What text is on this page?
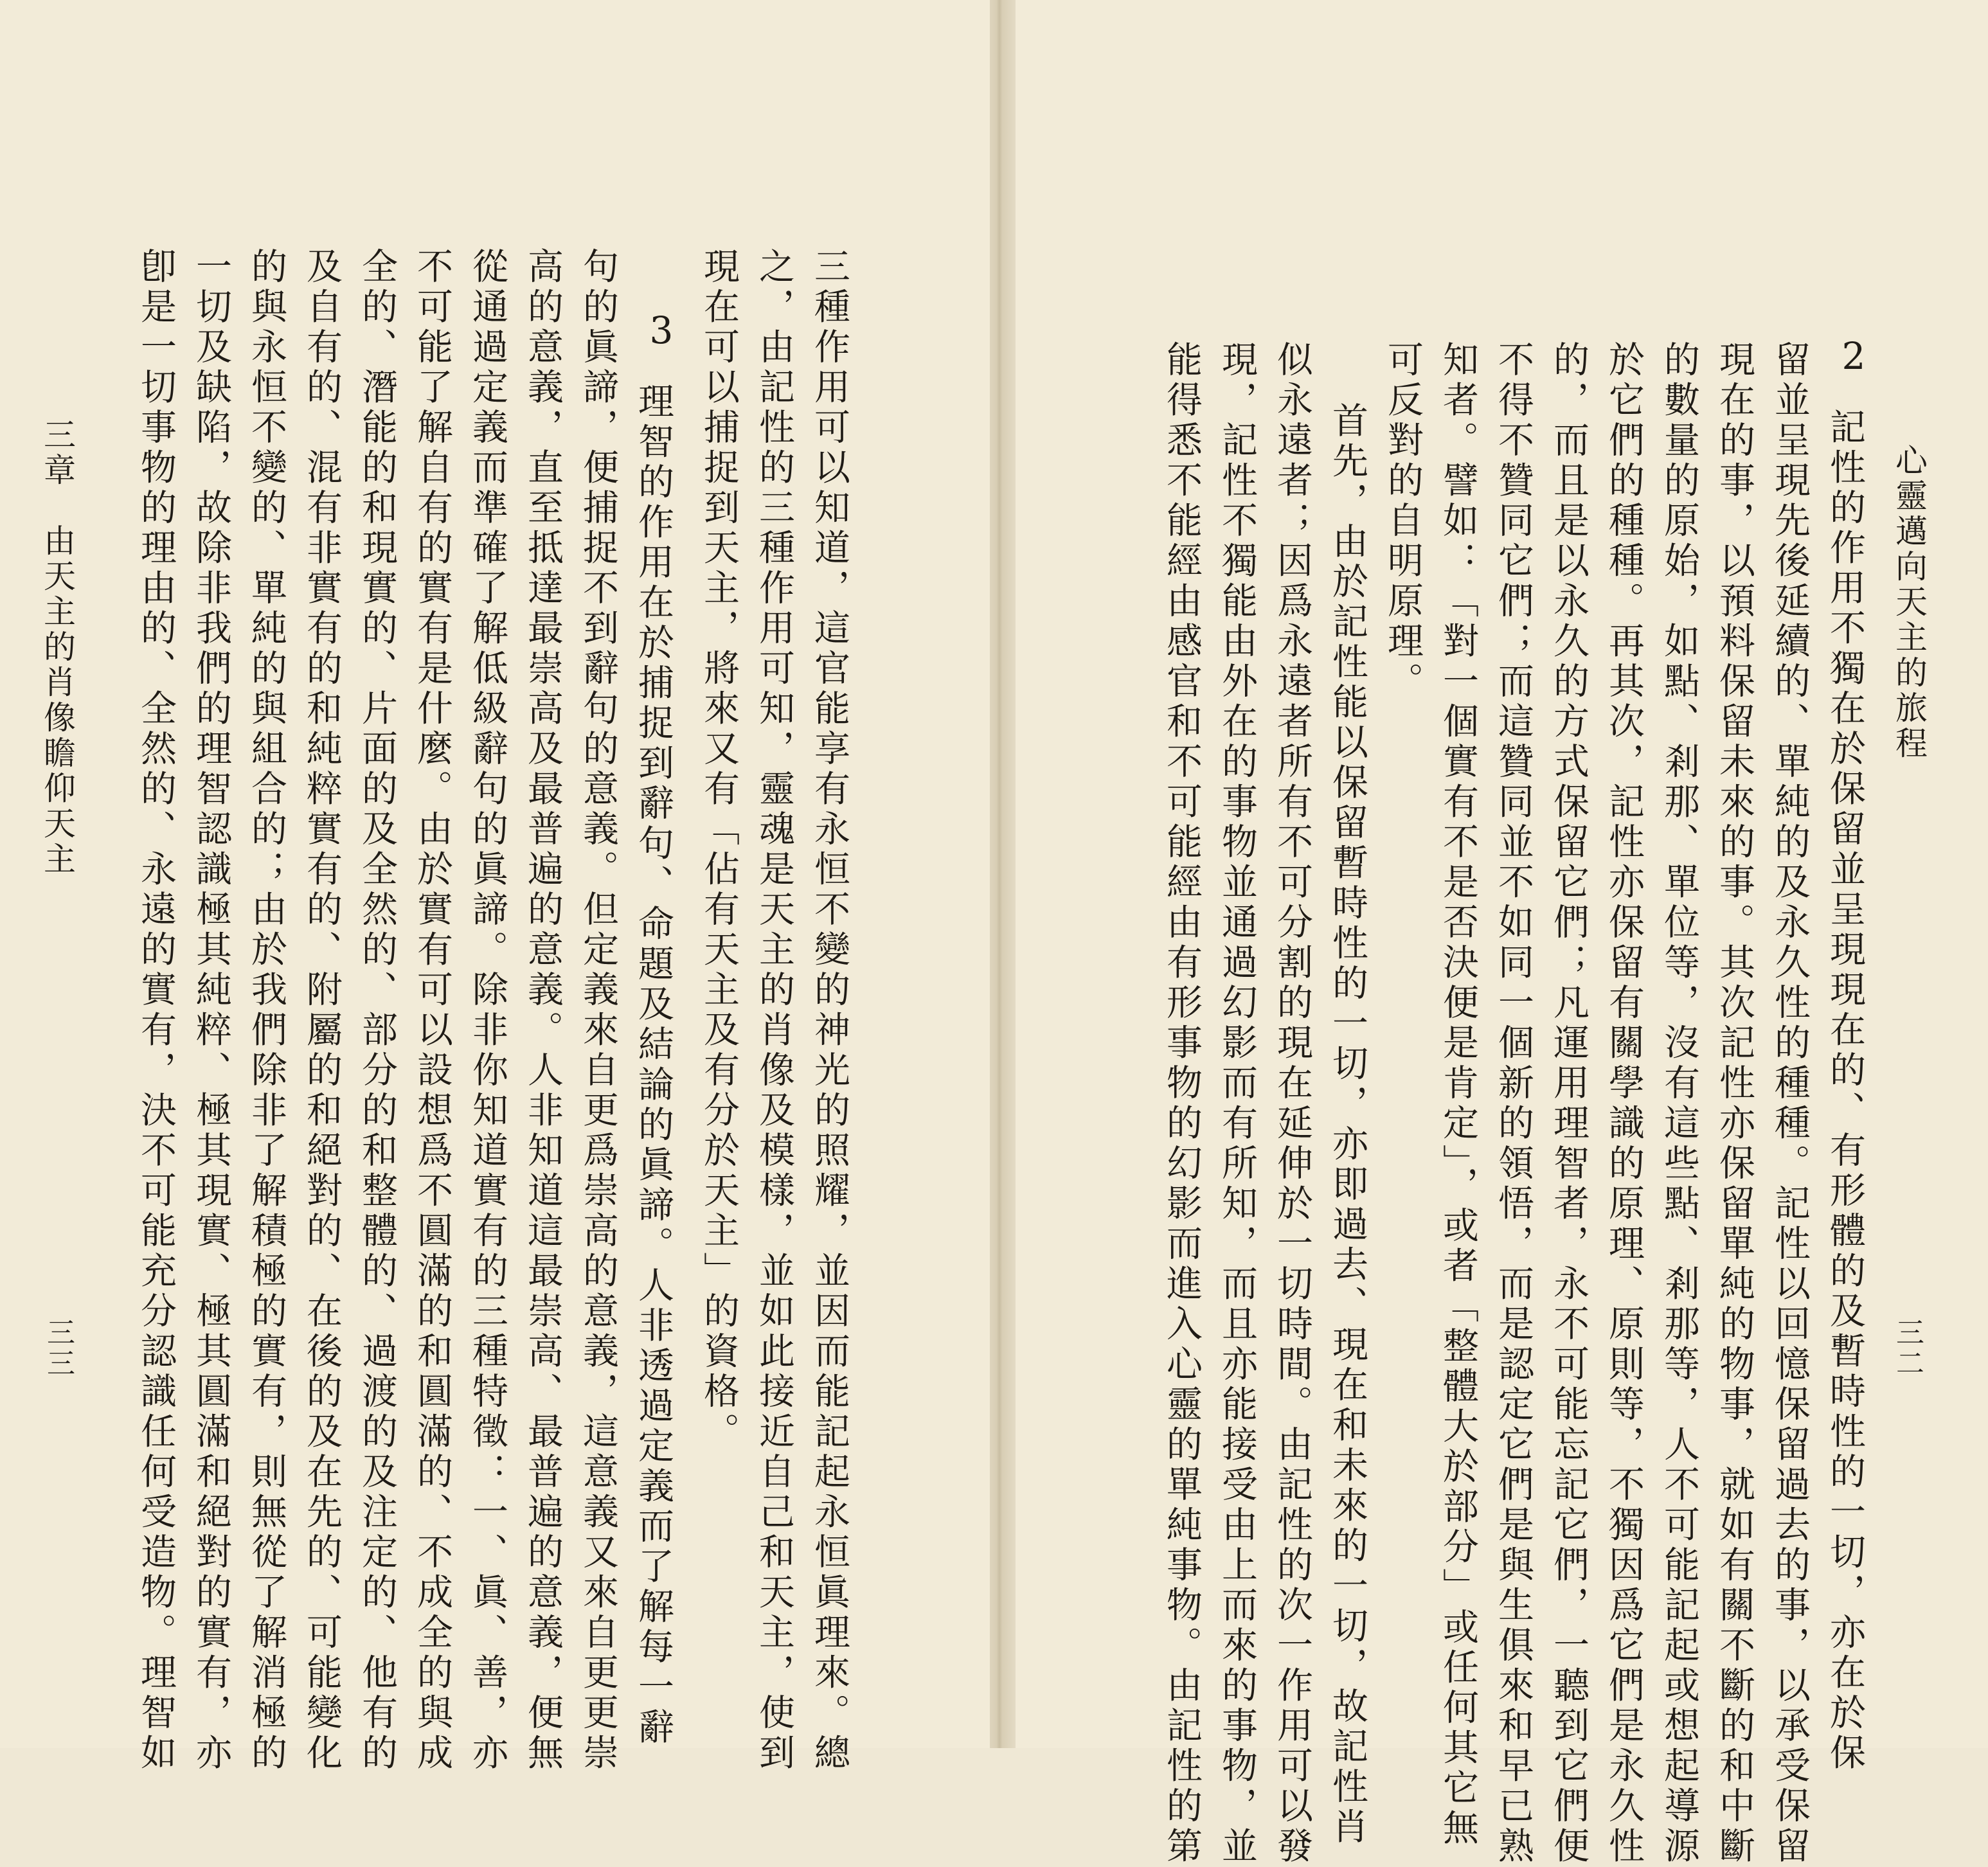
三種作用可以知道，這官能享有永恒不變的神光的照耀，並因而能記起永恒眞理來。總
之，由記性的三種作用可知，靈魂是天主的肖像及模樣，並如此接近自己和天主，使到
現在可以捕捉到天主，將來又有「佔有天主及有分於天主」的資格。
3
理智的作用在於捕捉到辭句、命題及結論的眞諦。人非透過定義而了解每一辭
句的眞諦，便捕捉不到辭句的意義。但定義來自更爲崇高的意義，這意義又來自更更崇
高的意義，直至抵達最崇高及最普遍的意義。人非知道這最崇高、最普遍的意義，便無
從通過定義而準確了解低級辭句的眞諦。除非你知道實有的三種特徵：一、眞、善，亦
不可能了解自有的實有是什麼。由於實有可以設想爲不圓滿的和圓滿的、不成全的與成
全的、潛能的和現實的、片面的及全然的、部分的和整體的、過渡的及注定的、他有的
及自有的、混有非實有的和純粹實有的、附屬的和絕對的、在後的及在先的、可能變化
的與永恒不變的、單純的與組合的；由於我們除非了解積極的實有，則無從了解消極的
一切及缺陷，故除非我們的理智認識極其純粹、極其現實、極其圓滿和絕對的實有，亦
卽是一切事物的理由的、全然的、永遠的實有，決不可能充分認識任何受造物。理智如
三章　由天主的肖像瞻仰天主
三三
心靈邁向天主的旅程
三二
2
記性的作用不獨在於保留並呈現現在的、有形體的及暫時性的一切，亦在於保
留並呈現先後延續的、單純的及永久性的種種。記性以回憶保留過去的事，以承受保留
現在的事，以預料保留未來的事。其次記性亦保留單純的物事，就如有關不斷的和中斷
的數量的原始，如點、剎那、單位等，沒有這些點、剎那等，人不可能記起或想起導源
於它們的種種。再其次，記性亦保留有關學識的原理、原則等，不獨因爲它們是永久性
的，而且是以永久的方式保留它們；凡運用理智者，永不可能忘記它們，一聽到它們便
不得不贊同它們；而這贊同並不如同一個新的領悟，而是認定它們是與生俱來和早已熟
知者。譬如：「對一個實有不是否決便是肯定」，或者「整體大於部分」或任何其它無
可反對的自明原理。
首先，由於記性能以保留暫時性的一切，亦即過去、現在和未來的一切，故記性肖
似永遠者；因爲永遠者所有不可分割的現在延伸於一切時間。由記性的次一作用可以發
現，記性不獨能由外在的事物並通過幻影而有所知，而且亦能接受由上而來的事物，並
能得悉不能經由感官和不可能經由有形事物的幻影而進入心靈的單純事物。由記性的第
